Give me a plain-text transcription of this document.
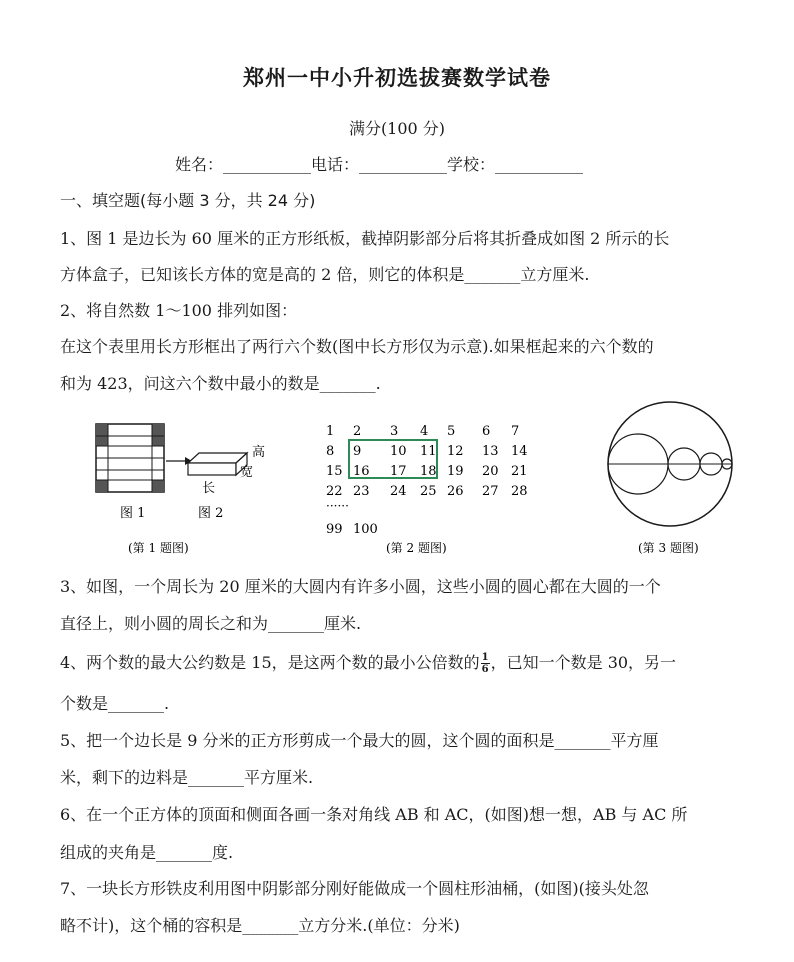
郑州一中小升初选拔赛数学试卷
满分(100 分)
姓名：___________电话：___________学校：___________
一、填空题(每小题 3 分，共 24 分)
1、图 1 是边长为 60 厘米的正方形纸板，截掉阴影部分后将其折叠成如图 2 所示的长
方体盒子，已知该长方体的宽是高的 2 倍，则它的体积是_______立方厘米.
2、将自然数 1～100 排列如图：
在这个表里用长方形框出了两行六个数(图中长方形仅为示意).如果框起来的六个数的
和为 423，问这六个数中最小的数是_______.
高
宽
长
图 1	图 2
(第 1 题图)
1 2 3 4 5 6 7
8 9 10 11 12 13 14
15 16 17 18 19 20 21
22 23 24 25 26 27 28
······
99 100
(第 2 题图)	(第 3 题图)
3、如图，一个周长为 20 厘米的大圆内有许多小圆，这些小圆的圆心都在大圆的一个
直径上，则小圆的周长之和为_______厘米.
4、两个数的最大公约数是 15，是这两个数的最小公倍数的 $\frac{1}{6}$ ，已知一个数是 30，另一
个数是_______.
5、把一个边长是 9 分米的正方形剪成一个最大的圆，这个圆的面积是_______平方厘
米，剩下的边料是_______平方厘米.
6、在一个正方体的顶面和侧面各画一条对角线 AB 和 AC，(如图)想一想，AB 与 AC 所
组成的夹角是_______度.
7、一块长方形铁皮利用图中阴影部分刚好能做成一个圆柱形油桶，(如图)(接头处忽
略不计)，这个桶的容积是_______立方分米.(单位：分米)
